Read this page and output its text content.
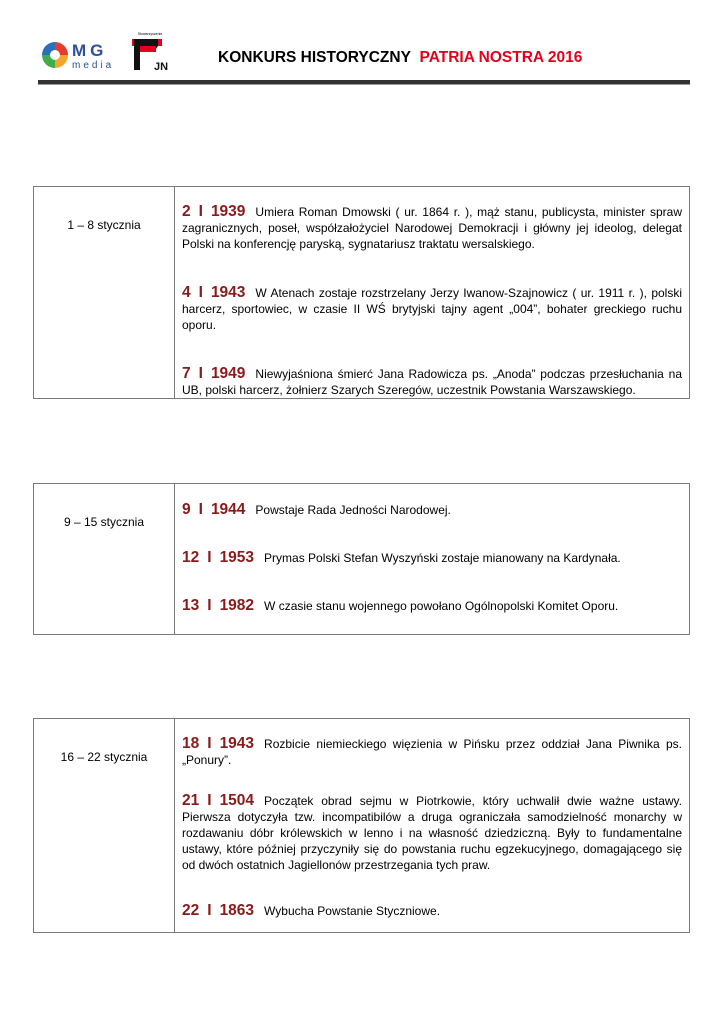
MG
media
Stowarzyszenie
JN
KONKURS HISTORYCZNY PATRIA NOSTRA 2016
1 – 8 stycznia
2 I 1939 Umiera Roman Dmowski ( ur. 1864 r. ), mąż stanu, publicysta, minister spraw zagranicznych, poseł, współzałożyciel Narodowej Demokracji i główny jej ideolog, delegat Polski na konferencję paryską, sygnatariusz traktatu wersalskiego.
4 I 1943 W Atenach zostaje rozstrzelany Jerzy Iwanow-Szajnowicz ( ur. 1911 r. ), polski harcerz, sportowiec, w czasie II WŚ brytyjski tajny agent „004”, bohater greckiego ruchu oporu.
7 I 1949 Niewyjaśniona śmierć Jana Radowicza ps. „Anoda” podczas przesłuchania na UB, polski harcerz, żołnierz Szarych Szeregów, uczestnik Powstania Warszawskiego.
9 – 15 stycznia
9 I 1944 Powstaje Rada Jedności Narodowej.
12 I 1953 Prymas Polski Stefan Wyszyński zostaje mianowany na Kardynała.
13 I 1982 W czasie stanu wojennego powołano Ogólnopolski Komitet Oporu.
16 – 22 stycznia
18 I 1943 Rozbicie niemieckiego więzienia w Pińsku przez oddział Jana Piwnika ps. „Ponury”.
21 I 1504 Początek obrad sejmu w Piotrkowie, który uchwalił dwie ważne ustawy. Pierwsza dotyczyła tzw. incompatibilów a druga ograniczała samodzielność monarchy w rozdawaniu dóbr królewskich w lenno i na własność dziedziczną. Były to fundamentalne ustawy, które później przyczyniły się do powstania ruchu egzekucyjnego, domagającego się od dwóch ostatnich Jagiellonów przestrzegania tych praw.
22 I 1863 Wybucha Powstanie Styczniowe.
